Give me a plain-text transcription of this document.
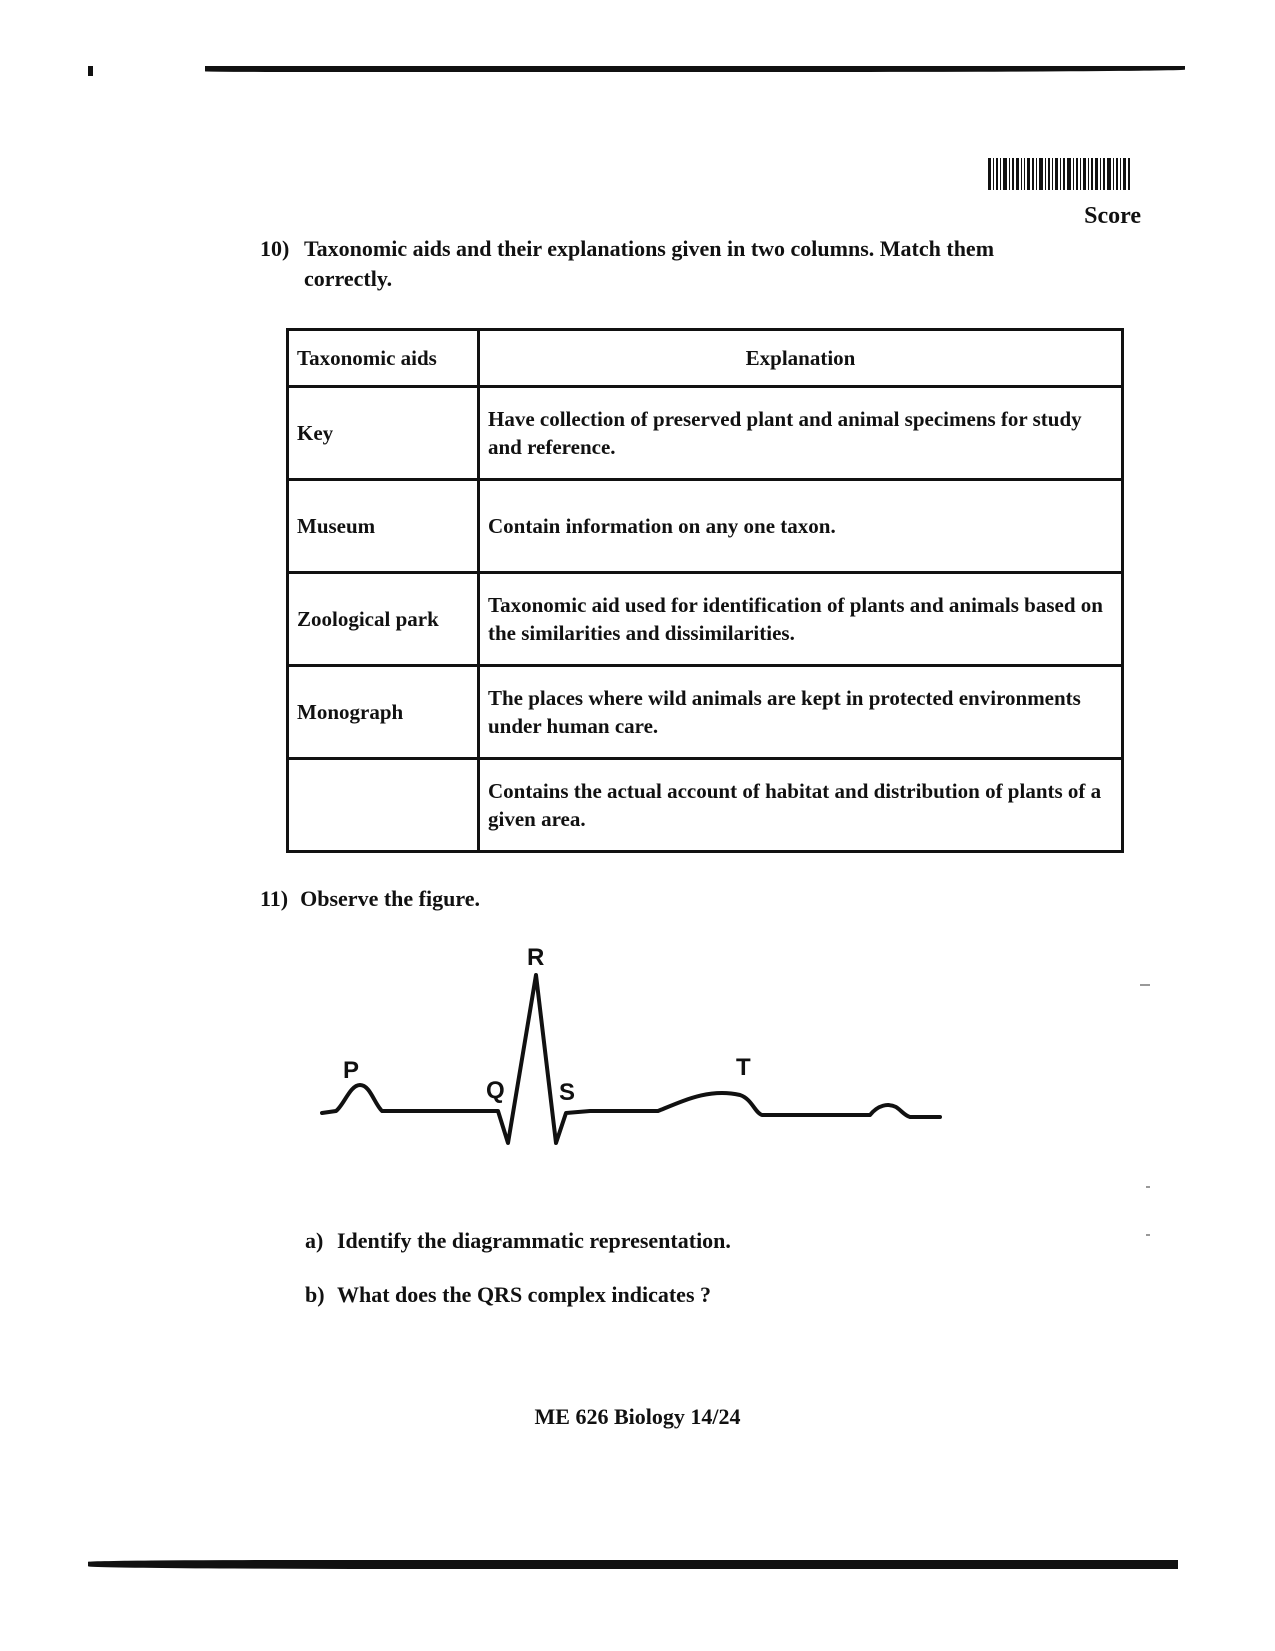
Score
10) Taxonomic aids and their explanations given in two columns. Match them correctly.
Taxonomic aids	Explanation
Key	Have collection of preserved plant and animal specimens for study and reference.
Museum	Contain information on any one taxon.
Zoological park	Taxonomic aid used for identification of plants and animals based on the similarities and dissimilarities.
Monograph	The places where wild animals are kept in protected environments under human care.
	Contains the actual account of habitat and distribution of plants of a given area.
11) Observe the figure.
P
Q
R
S
T
a) Identify the diagrammatic representation.
b) What does the QRS complex indicates ?
ME 626 Biology 14/24
